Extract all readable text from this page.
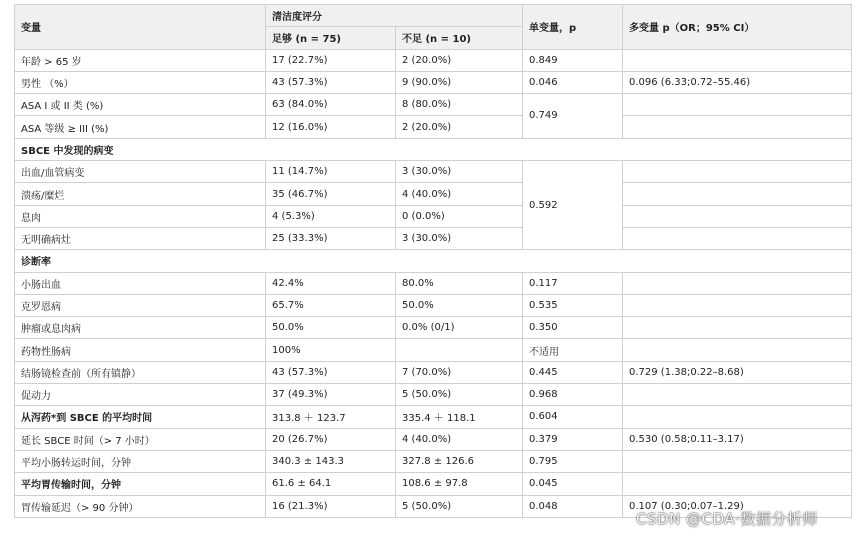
变量	清洁度评分		单变量，p	多变量 p（OR；95% CI）
	足够 (n = 75)	不足 (n = 10)		
年龄 > 65 岁	17 (22.7%)	2 (20.0%)	0.849	
男性 （%）	43 (57.3%)	9 (90.0%)	0.046	0.096 (6.33;0.72–55.46)
ASA I 或 II 类 (%)	63 (84.0%)	8 (80.0%)	0.749	
ASA 等级 ≥ III (%)	12 (16.0%)	2 (20.0%)		
SBCE 中发现的病变				
出血/血管病变	11 (14.7%)	3 (30.0%)	0.592	
溃疡/糜烂	35 (46.7%)	4 (40.0%)		
息肉	4 (5.3%)	0 (0.0%)		
无明确病灶	25 (33.3%)	3 (30.0%)		
诊断率				
小肠出血	42.4%	80.0%	0.117	
克罗恩病	65.7%	50.0%	0.535	
肿瘤或息肉病	50.0%	0.0% (0/1)	0.350	
药物性肠病	100%		不适用	
结肠镜检查前（所有镇静）	43 (57.3%)	7 (70.0%)	0.445	0.729 (1.38;0.22–8.68)
促动力	37 (49.3%)	5 (50.0%)	0.968	
从泻药*到 SBCE 的平均时间	313.8 ＋ 123.7	335.4 ＋ 118.1	0.604	
延长 SBCE 时间（> 7 小时）	20 (26.7%)	4 (40.0%)	0.379	0.530 (0.58;0.11–3.17)
平均小肠转运时间，分钟	340.3 ± 143.3	327.8 ± 126.6	0.795	
平均胃传输时间，分钟	61.6 ± 64.1	108.6 ± 97.8	0.045	
胃传输延迟（> 90 分钟）	16 (21.3%)	5 (50.0%)	0.048	0.107 (0.30;0.07–1.29)
CSDN @CDA·数据分析师
